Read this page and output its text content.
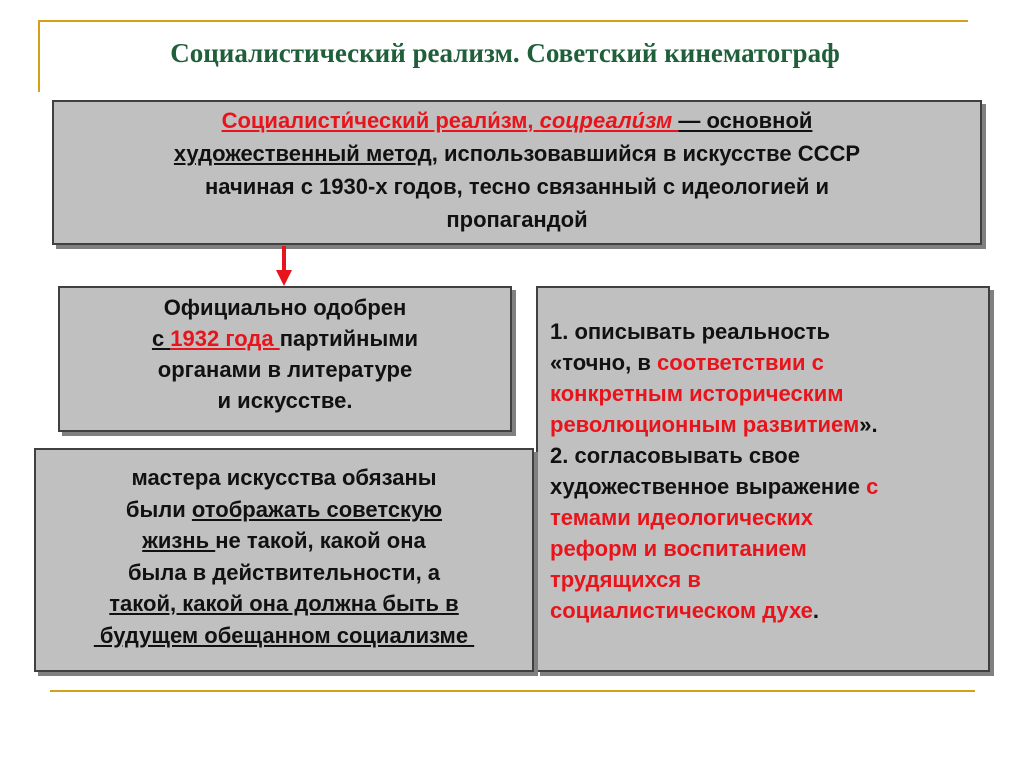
Социалистический реализм. Советский кинематограф
Социалисти́ческий реали́зм, соцреали́зм — основной
художественный метод, использовавшийся в искусстве СССР
начиная с 1930-х годов, тесно связанный с идеологией и
пропагандой
Официально одобрен
с 1932 года партийными
органами в литературе
и искусстве.
1. описывать реальность
«точно, в соответствии с
конкретным историческим
революционным развитием».
2. согласовывать свое
художественное выражение с
темами идеологических
реформ и воспитанием
трудящихся в
социалистическом духе.
мастера искусства обязаны
были отображать советскую
жизнь не такой, какой она
была в действительности, а
такой, какой она должна быть в
будущем обещанном социализме
